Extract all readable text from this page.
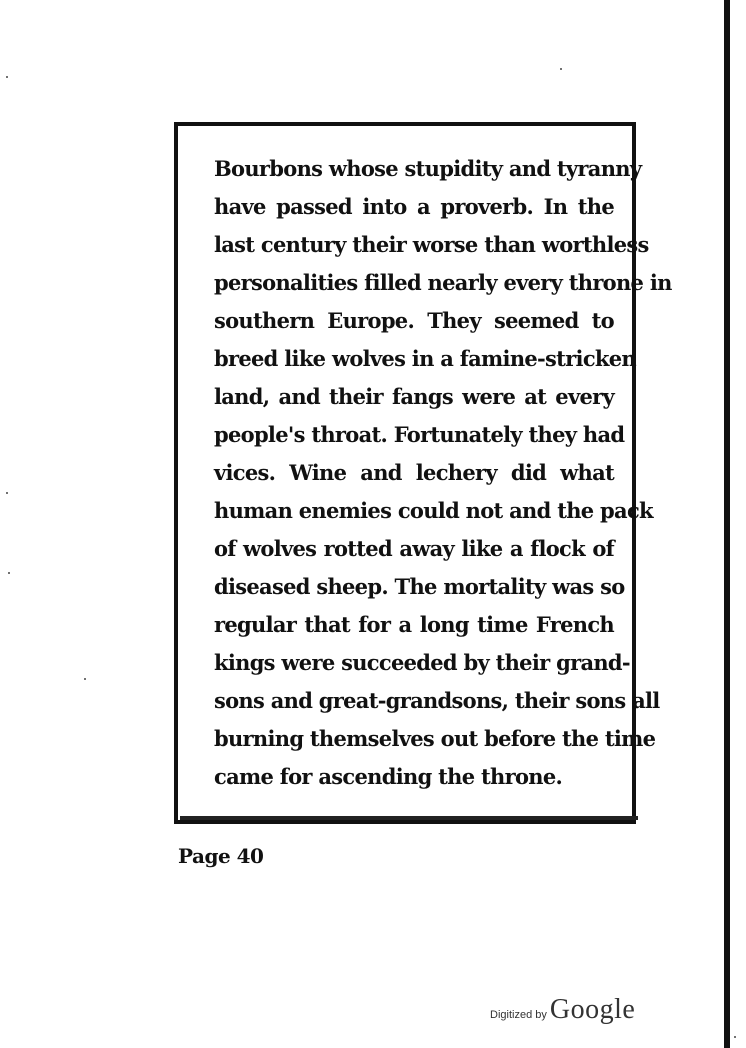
Bourbons whose stupidity and tyranny
have passed into a proverb. In the
last century their worse than worthless
personalities filled nearly every throne in
southern Europe. They seemed to
breed like wolves in a famine-stricken
land, and their fangs were at every
people's throat. Fortunately they had
vices. Wine and lechery did what
human enemies could not and the pack
of wolves rotted away like a flock of
diseased sheep. The mortality was so
regular that for a long time French
kings were succeeded by their grand-
sons and great-grandsons, their sons all
burning themselves out before the time
came for ascending the throne.
Page 40
Digitized by Google
